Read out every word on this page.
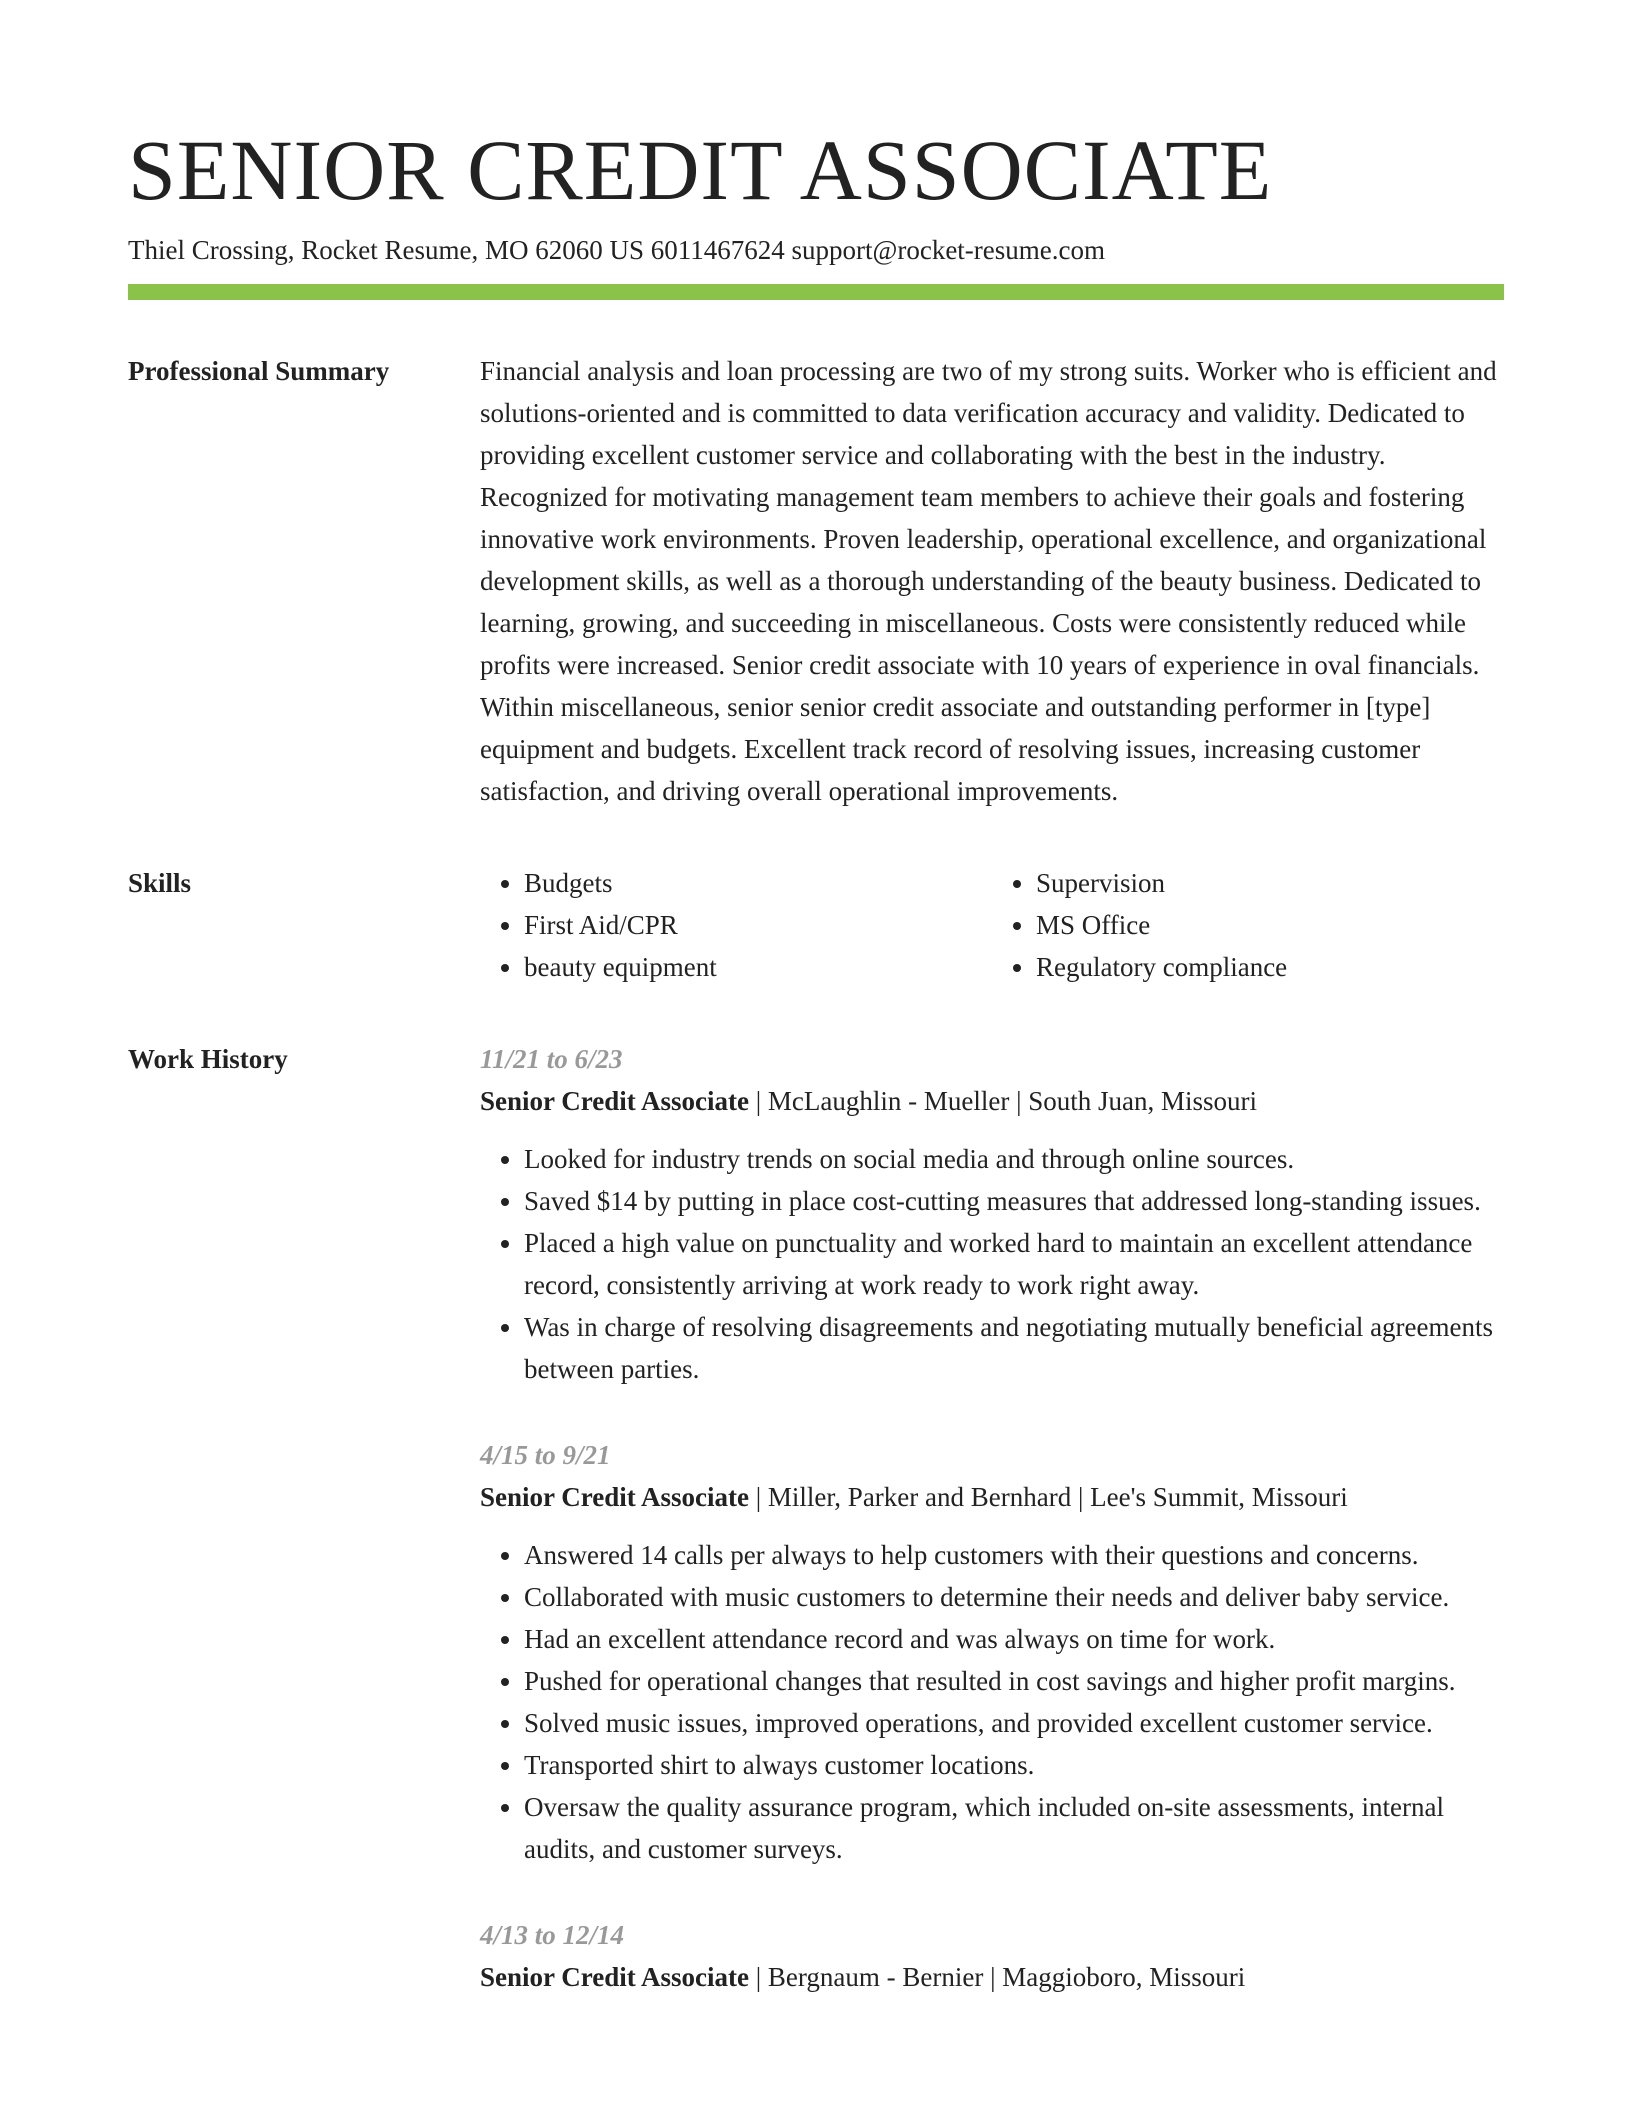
SENIOR CREDIT ASSOCIATE
Thiel Crossing, Rocket Resume, MO 62060 US 6011467624 support@rocket-resume.com
Professional Summary	Financial analysis and loan processing are two of my strong suits. Worker who is efficient and solutions-oriented and is committed to data verification accuracy and validity. Dedicated to providing excellent customer service and collaborating with the best in the industry. Recognized for motivating management team members to achieve their goals and fostering innovative work environments. Proven leadership, operational excellence, and organizational development skills, as well as a thorough understanding of the beauty business. Dedicated to learning, growing, and succeeding in miscellaneous. Costs were consistently reduced while profits were increased. Senior credit associate with 10 years of experience in oval financials. Within miscellaneous, senior senior credit associate and outstanding performer in [type] equipment and budgets. Excellent track record of resolving issues, increasing customer satisfaction, and driving overall operational improvements.

Skills
•	Budgets
• First Aid/CPR
• beauty equipment
• Supervision
• MS Office
• Regulatory compliance
Work History	11/21 to 6/23
Senior Credit Associate | McLaughlin - Mueller | South Juan, Missouri
• Looked for industry trends on social media and through online sources.
• Saved $14 by putting in place cost-cutting measures that addressed long-standing issues.
• Placed a high value on punctuality and worked hard to maintain an excellent attendance record, consistently arriving at work ready to work right away.
• Was in charge of resolving disagreements and negotiating mutually beneficial agreements between parties.
4/15 to 9/21
Senior Credit Associate | Miller, Parker and Bernhard | Lee's Summit, Missouri
• Answered 14 calls per always to help customers with their questions and concerns.
• Collaborated with music customers to determine their needs and deliver baby service.
• Had an excellent attendance record and was always on time for work.
• Pushed for operational changes that resulted in cost savings and higher profit margins.
• Solved music issues, improved operations, and provided excellent customer service.
• Transported shirt to always customer locations.
• Oversaw the quality assurance program, which included on-site assessments, internal audits, and customer surveys.
4/13 to 12/14
Senior Credit Associate | Bergnaum - Bernier | Maggioboro, Missouri
